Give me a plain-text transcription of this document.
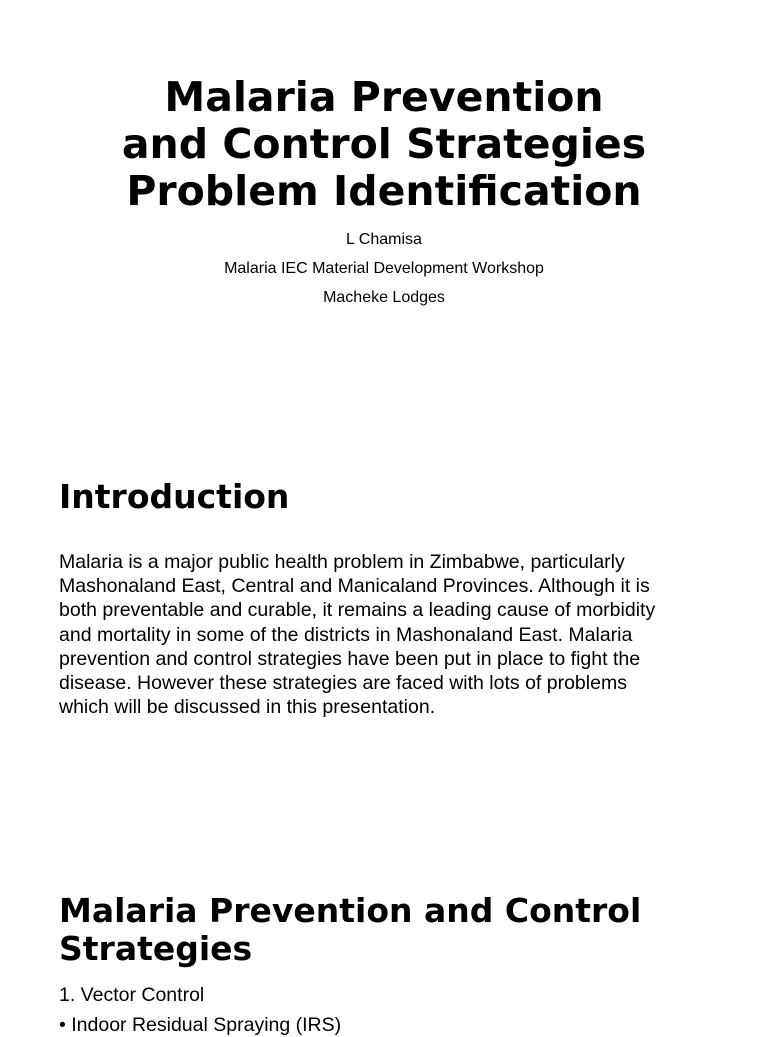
Malaria Prevention
and Control Strategies
Problem Identification

L Chamisa

Malaria IEC Material Development Workshop

Macheke Lodges

Introduction
Malaria is a major public health problem in Zimbabwe, particularly
Mashonaland East, Central and Manicaland Provinces. Although it is
both preventable and curable, it remains a leading cause of morbidity
and mortality in some of the districts in Mashonaland East. Malaria
prevention and control strategies have been put in place to fight the
disease. However these strategies are faced with lots of problems
which will be discussed in this presentation.
Malaria Prevention and Control
Strategies

1. Vector Control

• Indoor Residual Spraying (IRS)
